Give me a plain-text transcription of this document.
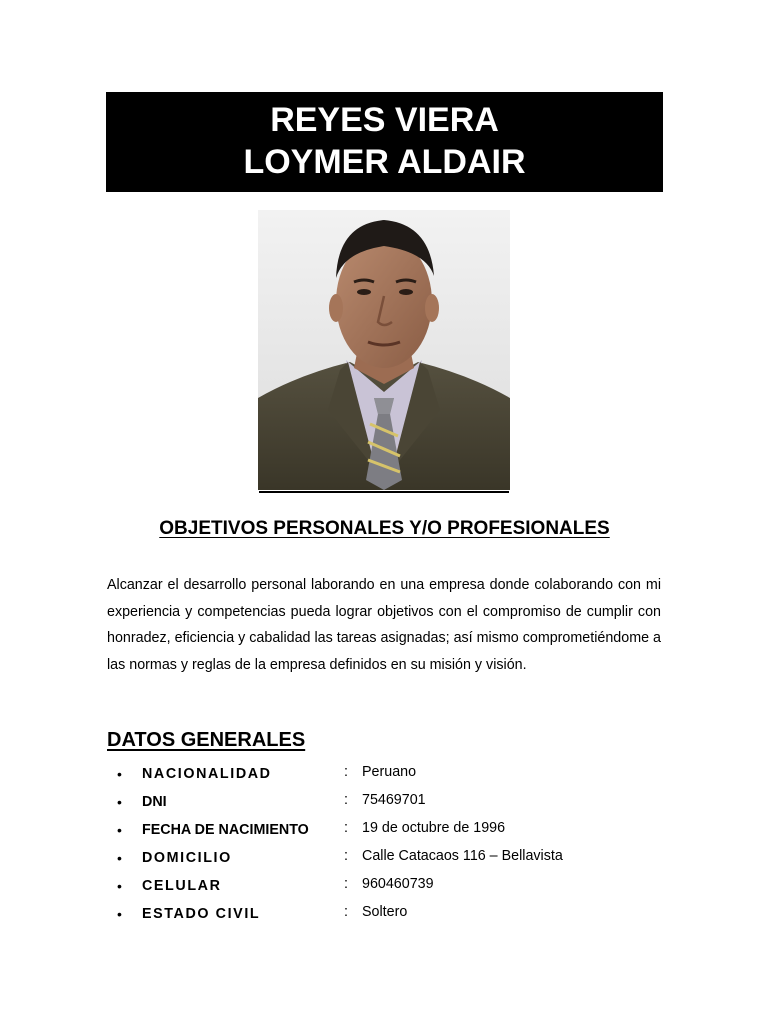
REYES VIERA
LOYMER ALDAIR
OBJETIVOS PERSONALES Y/O PROFESIONALES

Alcanzar el desarrollo personal laborando en una empresa donde colaborando con mi experiencia y competencias pueda lograr objetivos con el compromiso de cumplir con honradez, eficiencia y cabalidad las tareas asignadas; así mismo comprometiéndome a las normas y reglas de la empresa definidos en su misión y visión.

DATOS GENERALES
• NACIONALIDAD	: Peruano
• DNI	: 75469701
• FECHA DE NACIMIENTO : 19 de octubre de 1996
• DOMICILIO	: Calle Catacaos 116 – Bellavista
• CELULAR	: 960460739
• ESTADO CIVIL	: Soltero
